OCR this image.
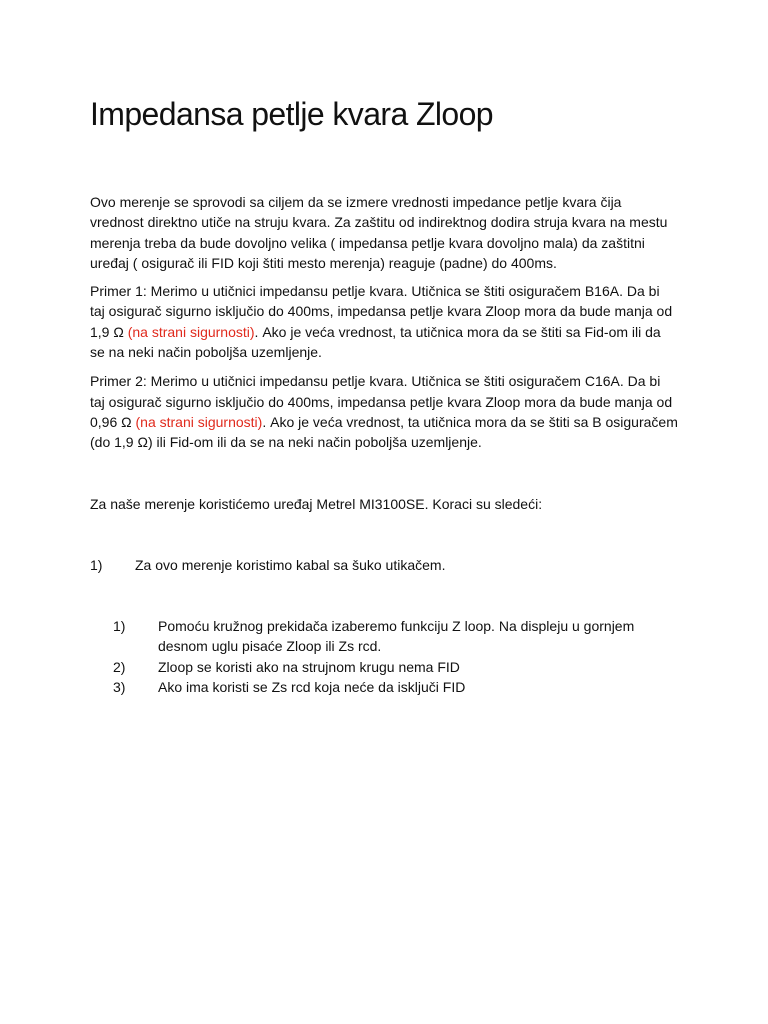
Impedansa petlje kvara Zloop

Ovo merenje se sprovodi sa ciljem da se izmere vrednosti impedance petlje kvara čija vrednost direktno utiče na struju kvara. Za zaštitu od indirektnog dodira struja kvara na mestu merenja treba da bude dovoljno velika ( impedansa petlje kvara dovoljno mala) da zaštitni uređaj ( osigurač ili FID koji štiti mesto merenja) reaguje (padne) do 400ms.

Primer 1: Merimo u utičnici impedansu petlje kvara. Utičnica se štiti osiguračem B16A. Da bi taj osigurač sigurno isključio do 400ms, impedansa petlje kvara Zloop mora da bude manja od 1,9 Ω (na strani sigurnosti). Ako je veća vrednost, ta utičnica mora da se štiti sa Fid-om ili da se na neki način poboljša uzemljenje.

Primer 2: Merimo u utičnici impedansu petlje kvara. Utičnica se štiti osiguračem C16A. Da bi taj osigurač sigurno isključio do 400ms, impedansa petlje kvara Zloop mora da bude manja od 0,96 Ω (na strani sigurnosti). Ako je veća vrednost, ta utičnica mora da se štiti sa B osiguračem (do 1,9 Ω) ili Fid-om ili da se na neki način poboljša uzemljenje.

Za naše merenje koristićemo uređaj Metrel MI3100SE. Koraci su sledeći:

1)	Za ovo merenje koristimo kabal sa šuko utikačem.
1)	Pomoću kružnog prekidača izaberemo funkciju Z loop. Na displeju u gornjem desnom uglu pisaće Zloop ili Zs rcd.
2)	Zloop se koristi ako na strujnom krugu nema FID
3)	Ako ima koristi se Zs rcd koja neće da isključi FID
